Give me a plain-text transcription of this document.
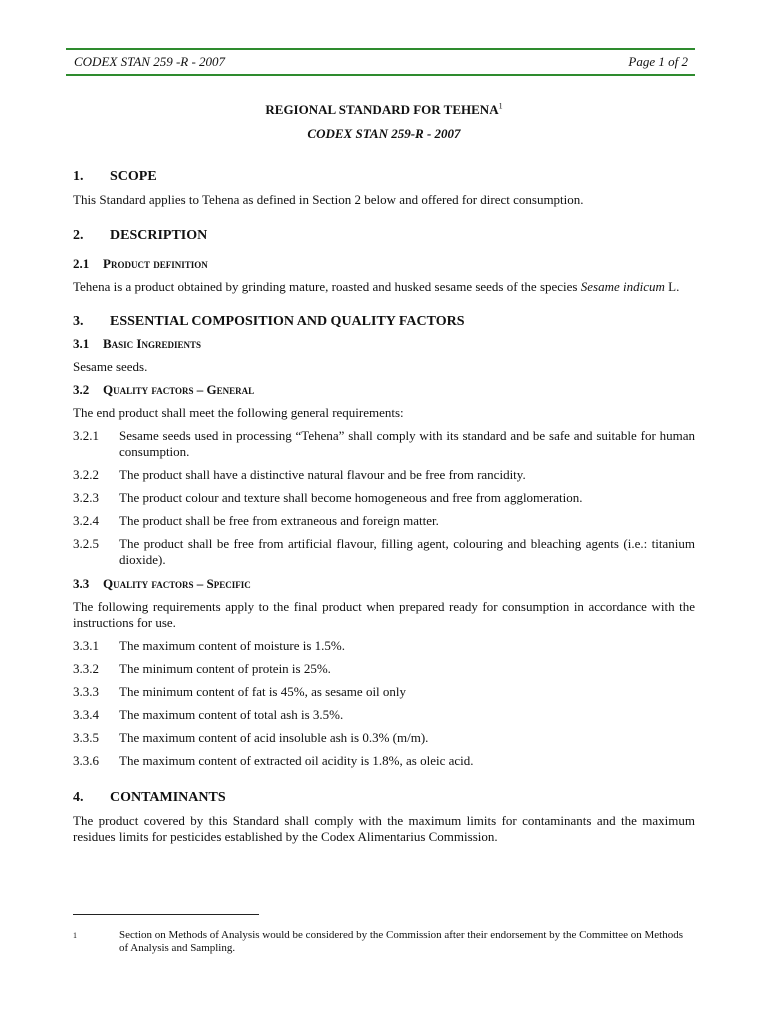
CODEX STAN 259 -R - 2007	Page 1 of 2

REGIONAL STANDARD FOR TEHENA$^1$

CODEX STAN 259-R - 2007

1.	SCOPE

This Standard applies to Tehena as defined in Section 2 below and offered for direct consumption.

2.	DESCRIPTION
2.1	Product definition

Tehena is a product obtained by grinding mature, roasted and husked sesame seeds of the species Sesame indicum L.

3.	ESSENTIAL COMPOSITION AND QUALITY FACTORS
3.1	Basic Ingredients

Sesame seeds.

3.2	Quality factors – General

The end product shall meet the following general requirements:

3.2.1	Sesame seeds used in processing “Tehena” shall comply with its standard and be safe and suitable for human consumption.
3.2.2	The product shall have a distinctive natural flavour and be free from rancidity.
3.2.3	The product colour and texture shall become homogeneous and free from agglomeration.
3.2.4	The product shall be free from extraneous and foreign matter.
3.2.5	The product shall be free from artificial flavour, filling agent, colouring and bleaching agents (i.e.: titanium dioxide).
3.3	Quality factors – Specific

The following requirements apply to the final product when prepared ready for consumption in accordance with the instructions for use.

3.3.1	The maximum content of moisture is 1.5%.
3.3.2	The minimum content of protein is 25%.
3.3.3	The minimum content of fat is 45%, as sesame oil only
3.3.4	The maximum content of total ash is 3.5%.
3.3.5	The maximum content of acid insoluble ash is 0.3% (m/m).
3.3.6	The maximum content of extracted oil acidity is 1.8%, as oleic acid.
4.	CONTAMINANTS

The product covered by this Standard shall comply with the maximum limits for contaminants and the maximum residues limits for pesticides established by the Codex Alimentarius Commission.

1	Section on Methods of Analysis would be considered by the Commission after their endorsement by the Committee on Methods of Analysis and Sampling.
